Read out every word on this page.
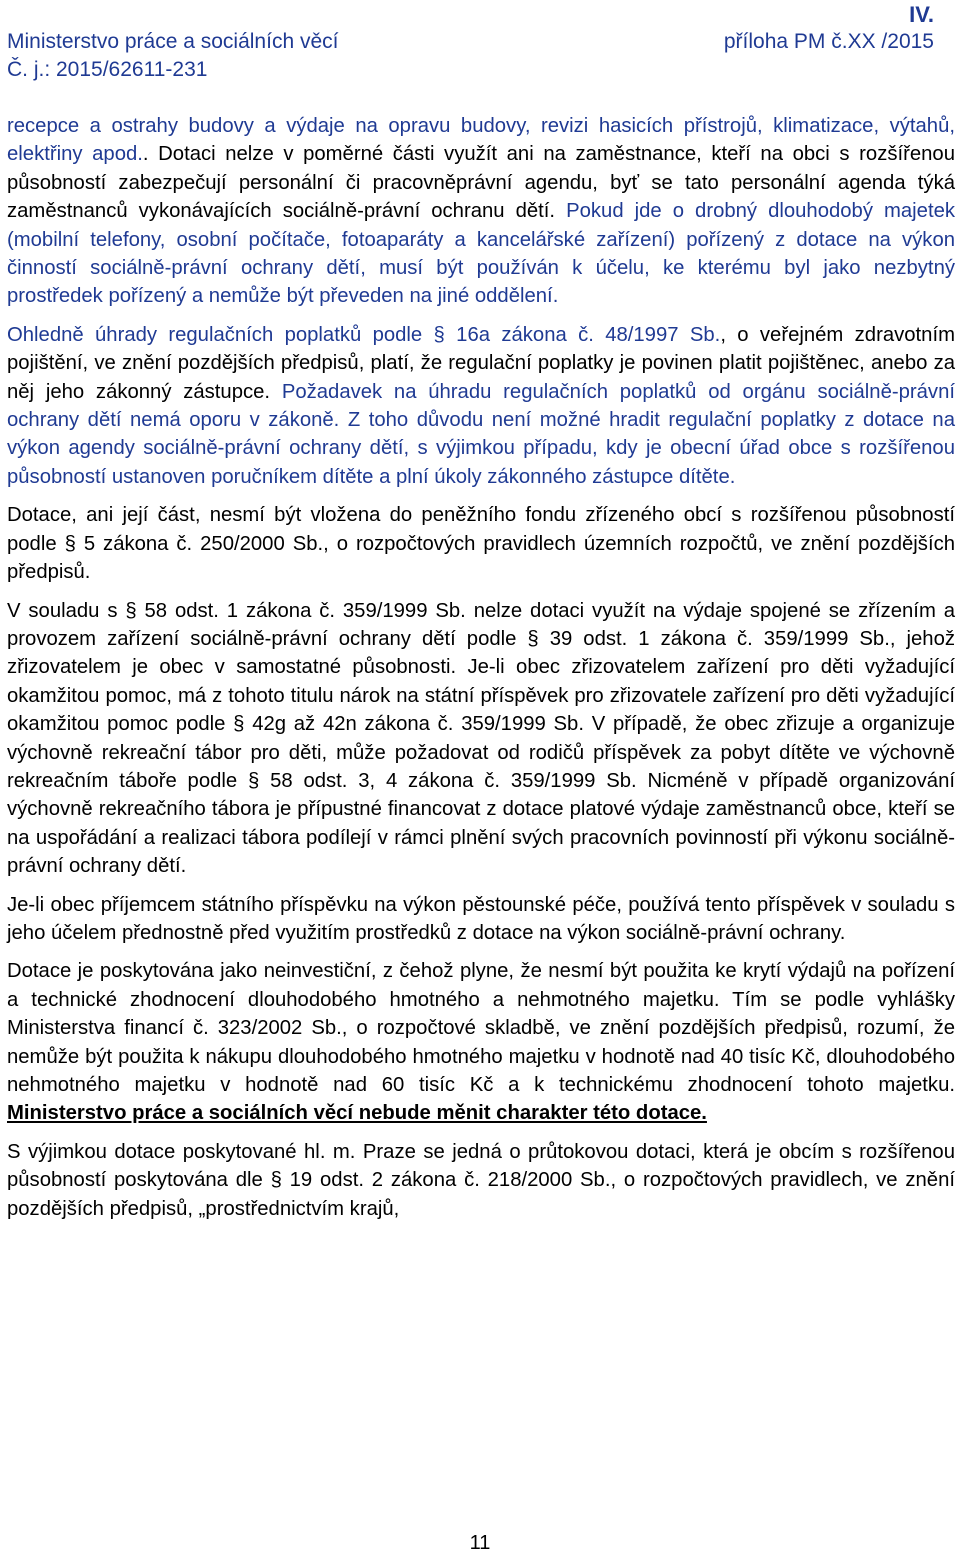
IV.
Ministerstvo práce a sociálních věcí	příloha PM č.XX /2015
Č. j.: 2015/62611-231

recepce a ostrahy budovy a výdaje na opravu budovy, revizi hasicích přístrojů, klimatizace, výtahů, elektřiny apod.. Dotaci nelze v poměrné části využít ani na zaměstnance, kteří na obci s rozšířenou působností zabezpečují personální či pracovněprávní agendu, byť se tato personální agenda týká zaměstnanců vykonávajících sociálně-právní ochranu dětí. Pokud jde o drobný dlouhodobý majetek (mobilní telefony, osobní počítače, fotoaparáty a kancelářské zařízení) pořízený z dotace na výkon činností sociálně-právní ochrany dětí, musí být používán k účelu, ke kterému byl jako nezbytný prostředek pořízený a nemůže být převeden na jiné oddělení.

Ohledně úhrady regulačních poplatků podle § 16a zákona č. 48/1997 Sb., o veřejném zdravotním pojištění, ve znění pozdějších předpisů, platí, že regulační poplatky je povinen platit pojištěnec, anebo za něj jeho zákonný zástupce. Požadavek na úhradu regulačních poplatků od orgánu sociálně-právní ochrany dětí nemá oporu v zákoně. Z toho důvodu není možné hradit regulační poplatky z dotace na výkon agendy sociálně-právní ochrany dětí, s výjimkou případu, kdy je obecní úřad obce s rozšířenou působností ustanoven poručníkem dítěte a plní úkoly zákonného zástupce dítěte.

Dotace, ani její část, nesmí být vložena do peněžního fondu zřízeného obcí s rozšířenou působností podle § 5 zákona č. 250/2000 Sb., o rozpočtových pravidlech územních rozpočtů, ve znění pozdějších předpisů.

V souladu s § 58 odst. 1 zákona č. 359/1999 Sb. nelze dotaci využít na výdaje spojené se zřízením a provozem zařízení sociálně-právní ochrany dětí podle § 39 odst. 1 zákona č. 359/1999 Sb., jehož zřizovatelem je obec v samostatné působnosti. Je-li obec zřizovatelem zařízení pro děti vyžadující okamžitou pomoc, má z tohoto titulu nárok na státní příspěvek pro zřizovatele zařízení pro děti vyžadující okamžitou pomoc podle § 42g až 42n zákona č. 359/1999 Sb. V případě, že obec zřizuje a organizuje výchovně rekreační tábor pro děti, může požadovat od rodičů příspěvek za pobyt dítěte ve výchovně rekreačním táboře podle § 58 odst. 3, 4 zákona č. 359/1999 Sb. Nicméně v případě organizování výchovně rekreačního tábora je přípustné financovat z dotace platové výdaje zaměstnanců obce, kteří se na uspořádání a realizaci tábora podílejí v rámci plnění svých pracovních povinností při výkonu sociálně-právní ochrany dětí.

Je-li obec příjemcem státního příspěvku na výkon pěstounské péče, používá tento příspěvek v souladu s jeho účelem přednostně před využitím prostředků z dotace na výkon sociálně-právní ochrany.

Dotace je poskytována jako neinvestiční, z čehož plyne, že nesmí být použita ke krytí výdajů na pořízení a technické zhodnocení dlouhodobého hmotného a nehmotného majetku. Tím se podle vyhlášky Ministerstva financí č. 323/2002 Sb., o rozpočtové skladbě, ve znění pozdějších předpisů, rozumí, že nemůže být použita k nákupu dlouhodobého hmotného majetku v hodnotě nad 40 tisíc Kč, dlouhodobého nehmotného majetku v hodnotě nad 60 tisíc Kč a k technickému zhodnocení tohoto majetku. Ministerstvo práce a sociálních věcí nebude měnit charakter této dotace.

S výjimkou dotace poskytované hl. m. Praze se jedná o průtokovou dotaci, která je obcím s rozšířenou působností poskytována dle § 19 odst. 2 zákona č. 218/2000 Sb., o rozpočtových pravidlech, ve znění pozdějších předpisů, „prostřednictvím krajů,

11
